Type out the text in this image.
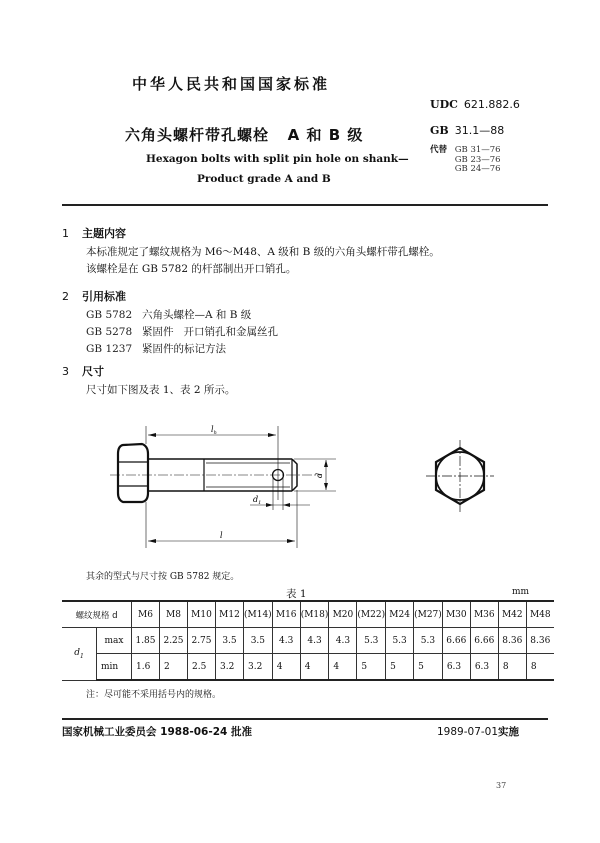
中华人民共和国国家标准
UDC 621.882.6
六角头螺杆带孔螺栓   A 和 B 级	GB 31.1—88
Hexagon bolts with split pin hole on shank—
Product grade A and B
代替 GB 31—76
GB 23—76
GB 24—76
1 主题内容
本标准规定了螺纹规格为 M6～M48、A 级和 B 级的六角头螺杆带孔螺栓。
该螺栓是在 GB 5782 的杆部制出开口销孔。
2 引用标准
GB 5782 六角头螺栓—A 和 B 级
GB 5278 紧固件   开口销孔和金属丝孔
GB 1237 紧固件的标记方法
3 尺寸
尺寸如下图及表 1、表 2 所示。
$l_h$
d
$d_1$
l
其余的型式与尺寸按 GB 5782 规定。
表 1	mm
螺纹规格 d		M6	M8	M10	M12	(M14)	M16	(M18)	M20	(M22)	M24	(M27)	M30	M36	M42	M48
$d_1$	max	1.85	2.25	2.75	3.5	3.5	4.3	4.3	4.3	5.3	5.3	5.3	6.66	6.66	8.36	8.36
	min	1.6	2	2.5	3.2	3.2	4	4	4	5	5	5	6.3	6.3	8	8
注：尽可能不采用括号内的规格。
国家机械工业委员会 1988-06-24 批准	1989-07-01实施
37
